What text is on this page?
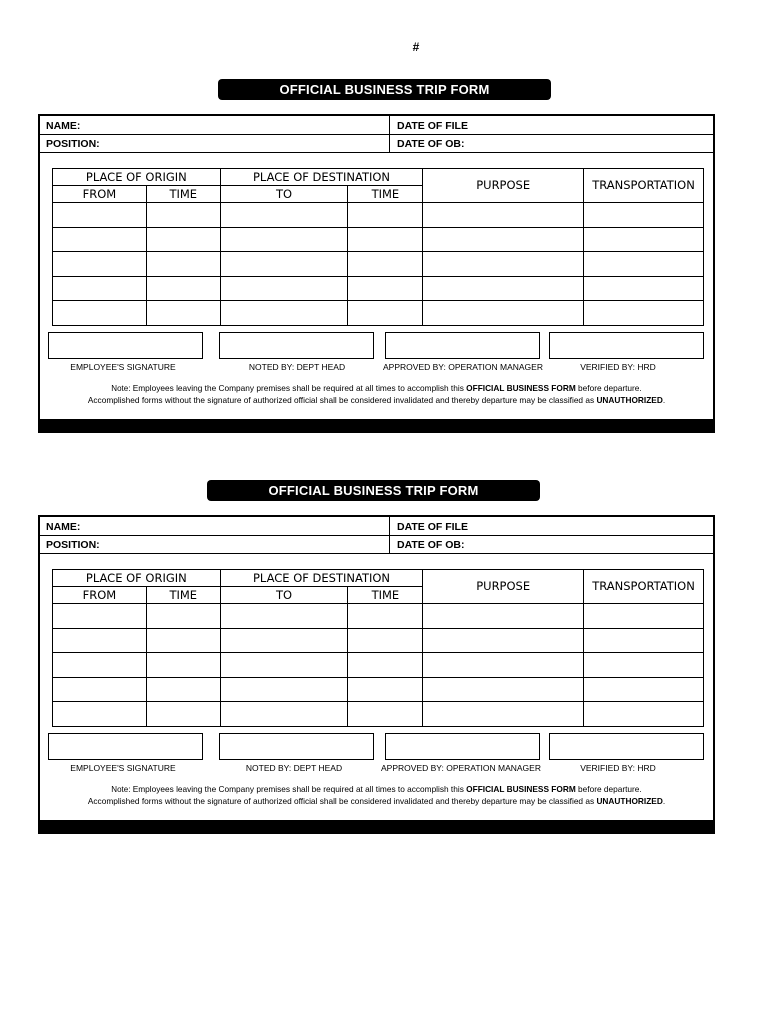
#
OFFICIAL BUSINESS TRIP FORM
NAME:	DATE OF FILE
POSITION:	DATE OF OB:
PLACE OF ORIGIN		PLACE OF DESTINATION		PURPOSE	TRANSPORTATION
FROM	TIME	TO	TIME		

EMPLOYEE'S SIGNATURE	NOTED BY: DEPT HEAD	APPROVED BY: OPERATION MANAGER	VERIFIED BY: HRD
Note: Employees leaving the Company premises shall be required at all times to accomplish this OFFICIAL BUSINESS FORM before departure.
Accomplished forms without the signature of authorized official shall be considered invalidated and thereby departure may be classified as UNAUTHORIZED.
OFFICIAL BUSINESS TRIP FORM
NAME:	DATE OF FILE
POSITION:	DATE OF OB:
PLACE OF ORIGIN		PLACE OF DESTINATION		PURPOSE	TRANSPORTATION
FROM	TIME	TO	TIME		

EMPLOYEE'S SIGNATURE	NOTED BY: DEPT HEAD	APPROVED BY: OPERATION MANAGER	VERIFIED BY: HRD
Note: Employees leaving the Company premises shall be required at all times to accomplish this OFFICIAL BUSINESS FORM before departure.
Accomplished forms without the signature of authorized official shall be considered invalidated and thereby departure may be classified as UNAUTHORIZED.
